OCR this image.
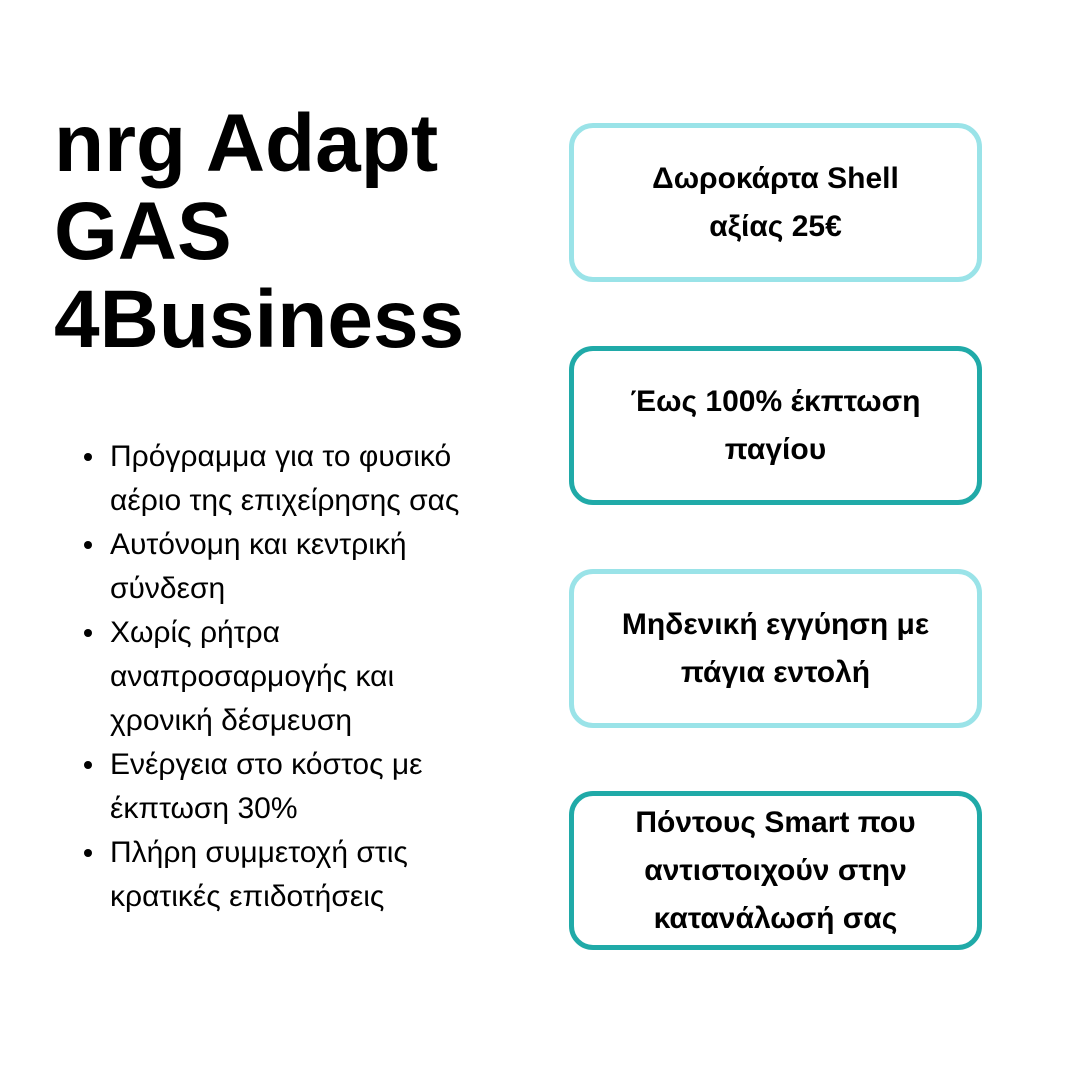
nrg Adapt
GAS
4Business
Πρόγραμμα για το φυσικό αέριο της επιχείρησης σας
Αυτόνομη και κεντρική σύνδεση
Χωρίς ρήτρα αναπροσαρμογής και χρονική δέσμευση
Ενέργεια στο κόστος με έκπτωση 30%
Πλήρη συμμετοχή στις κρατικές επιδοτήσεις
Δωροκάρτα Shell
αξίας 25€
Έως 100% έκπτωση
παγίου
Μηδενική εγγύηση με
πάγια εντολή
Πόντους Smart που
αντιστοιχούν στην
κατανάλωσή σας
